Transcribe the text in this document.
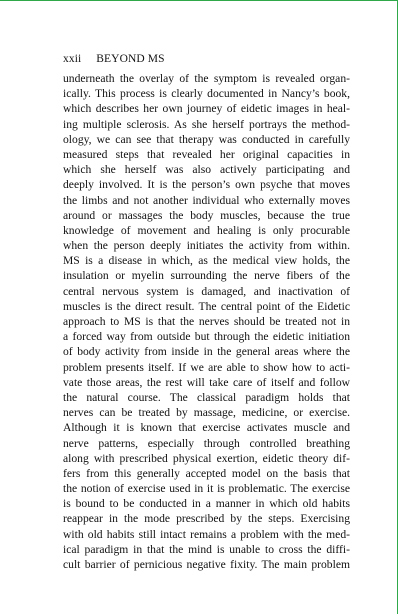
xxii BEYOND MS
underneath the overlay of the symptom is revealed organ-
ically. This process is clearly documented in Nancy’s book,
which describes her own journey of eidetic images in heal-
ing multiple sclerosis. As she herself portrays the method-
ology, we can see that therapy was conducted in carefully
measured steps that revealed her original capacities in
which she herself was also actively participating and
deeply involved. It is the person’s own psyche that moves
the limbs and not another individual who externally moves
around or massages the body muscles, because the true
knowledge of movement and healing is only procurable
when the person deeply initiates the activity from within.
MS is a disease in which, as the medical view holds, the
insulation or myelin surrounding the nerve fibers of the
central nervous system is damaged, and inactivation of
muscles is the direct result. The central point of the Eidetic
approach to MS is that the nerves should be treated not in
a forced way from outside but through the eidetic initiation
of body activity from inside in the general areas where the
problem presents itself. If we are able to show how to acti-
vate those areas, the rest will take care of itself and follow
the natural course. The classical paradigm holds that
nerves can be treated by massage, medicine, or exercise.
Although it is known that exercise activates muscle and
nerve patterns, especially through controlled breathing
along with prescribed physical exertion, eidetic theory dif-
fers from this generally accepted model on the basis that
the notion of exercise used in it is problematic. The exercise
is bound to be conducted in a manner in which old habits
reappear in the mode prescribed by the steps. Exercising
with old habits still intact remains a problem with the med-
ical paradigm in that the mind is unable to cross the diffi-
cult barrier of pernicious negative fixity. The main problem
